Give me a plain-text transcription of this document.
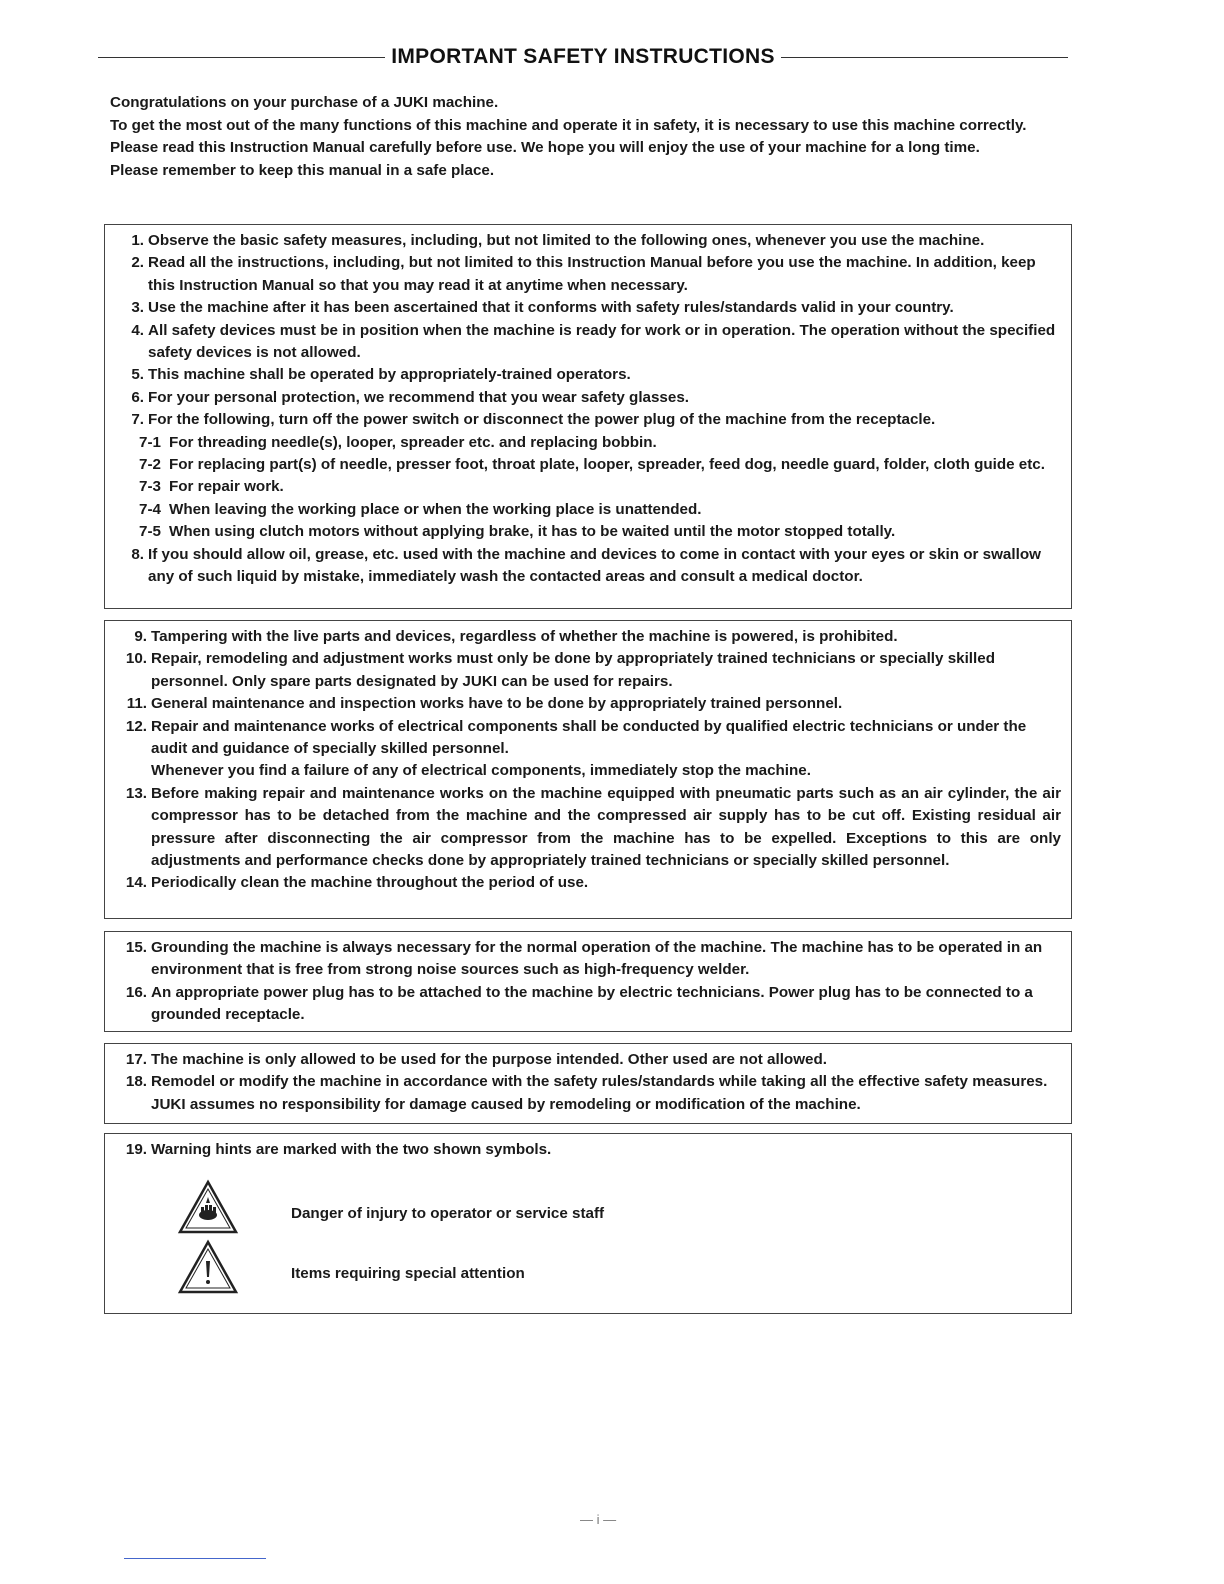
IMPORTANT SAFETY INSTRUCTIONS

Congratulations on your purchase of a JUKI machine.

To get the most out of the many functions of this machine and operate it in safety, it is necessary to use this machine correctly.

Please read this Instruction Manual carefully before use. We hope you will enjoy the use of your machine for a long time.

Please remember to keep this manual in a safe place.

1. Observe the basic safety measures, including, but not limited to the following ones, whenever you use the machine.
2. Read all the instructions, including, but not limited to this Instruction Manual before you use the machine. In addition, keep this Instruction Manual so that you may read it at anytime when necessary.
3. Use the machine after it has been ascertained that it conforms with safety rules/standards valid in your country.
4. All safety devices must be in position when the machine is ready for work or in operation. The operation without the specified safety devices is not allowed.
5. This machine shall be operated by appropriately-trained operators.
6. For your personal protection, we recommend that you wear safety glasses.
7. For the following, turn off the power switch or disconnect the power plug of the machine from the receptacle.
7-1 For threading needle(s), looper, spreader etc. and replacing bobbin.
7-2 For replacing part(s) of needle, presser foot, throat plate, looper, spreader, feed dog, needle guard, folder, cloth guide etc.
7-3 For repair work.
7-4 When leaving the working place or when the working place is unattended.
7-5 When using clutch motors without applying brake, it has to be waited until the motor stopped totally.
8. If you should allow oil, grease, etc. used with the machine and devices to come in contact with your eyes or skin or swallow any of such liquid by mistake, immediately wash the contacted areas and consult a medical doctor.
9. Tampering with the live parts and devices, regardless of whether the machine is powered, is prohibited.
10. Repair, remodeling and adjustment works must only be done by appropriately trained technicians or specially skilled personnel. Only spare parts designated by JUKI can be used for repairs.
11. General maintenance and inspection works have to be done by appropriately trained personnel.
12. Repair and maintenance works of electrical components shall be conducted by qualified electric technicians or under the audit and guidance of specially skilled personnel.
Whenever you find a failure of any of electrical components, immediately stop the machine.
13. Before making repair and maintenance works on the machine equipped with pneumatic parts such as an air cylinder, the air compressor has to be detached from the machine and the compressed air supply has to be cut off. Existing residual air pressure after disconnecting the air compressor from the machine has to be expelled. Exceptions to this are only adjustments and performance checks done by appropriately trained technicians or specially skilled personnel.
14. Periodically clean the machine throughout the period of use.
15. Grounding the machine is always necessary for the normal operation of the machine. The machine has to be operated in an environment that is free from strong noise sources such as high-frequency welder.
16. An appropriate power plug has to be attached to the machine by electric technicians. Power plug has to be connected to a grounded receptacle.
17. The machine is only allowed to be used for the purpose intended. Other used are not allowed.
18. Remodel or modify the machine in accordance with the safety rules/standards while taking all the effective safety measures. JUKI assumes no responsibility for damage caused by remodeling or modification of the machine.
19. Warning hints are marked with the two shown symbols.
Danger of injury to operator or service staff
Items requiring special attention
— i —
